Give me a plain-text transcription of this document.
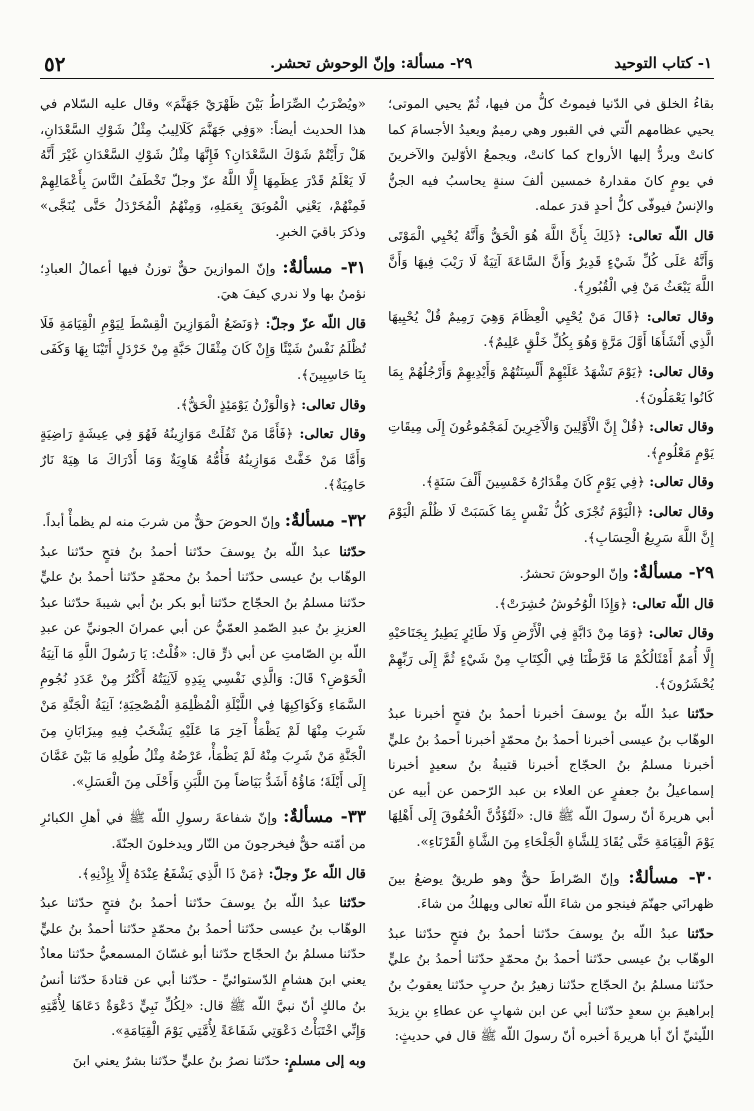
٥٢	٢٩- مسألة: وإنّ الوحوش تحشر.	١- كتاب التوحيد

بقاءُ الخلق في الدّنيا فيموتُ كلُّ من فيها، ثُمّ يحيي الموتى؛ يحيي عظامهم الّتي في القبور وهي رميمٌ ويعيدُ الأجسامَ كما كانتْ ويردُّ إليها الأرواح كما كانتْ، ويجمعُ الأوّلينَ والآخرينَ في يومٍ كانَ مقدارهُ خمسين ألفَ سنةٍ يحاسبُ فيه الجنُّ والإنسُ فيوفّى كلُّ أحدٍ قدرَ عمله.

قال اللّه تعالى: ﴿ذَلِكَ بِأَنَّ اللَّهَ هُوَ الْحَقُّ وَأَنَّهُ يُحْيِي الْمَوْتَى وَأَنَّهُ عَلَى كُلِّ شَيْءٍ قَدِيرٌ وَأَنَّ السَّاعَةَ آتِيَةٌ لَا رَيْبَ فِيهَا وَأَنَّ اللَّهَ يَبْعَثُ مَنْ فِي الْقُبُورِ﴾.

وقال تعالى: ﴿قَالَ مَنْ يُحْيِي الْعِظَامَ وَهِيَ رَمِيمٌ قُلْ يُحْيِيهَا الَّذِي أَنْشَأَهَا أَوَّلَ مَرَّةٍ وَهُوَ بِكُلِّ خَلْقٍ عَلِيمٌ﴾.

وقال تعالى: ﴿يَوْمَ تَشْهَدُ عَلَيْهِمْ أَلْسِنَتُهُمْ وَأَيْدِيهِمْ وَأَرْجُلُهُمْ بِمَا كَانُوا يَعْمَلُونَ﴾.

وقال تعالى: ﴿قُلْ إِنَّ الْأَوَّلِينَ وَالْآخِرِينَ لَمَجْمُوعُونَ إِلَى مِيقَاتِ يَوْمٍ مَعْلُومٍ﴾.

وقال تعالى: ﴿فِي يَوْمٍ كَانَ مِقْدَارُهُ خَمْسِينَ أَلْفَ سَنَةٍ﴾.

وقال تعالى: ﴿الْيَوْمَ تُجْزَى كُلُّ نَفْسٍ بِمَا كَسَبَتْ لَا ظُلْمَ الْيَوْمَ إِنَّ اللَّهَ سَرِيعُ الْحِسَابِ﴾.

٢٩- مسألةٌ: وإنّ الوحوشَ تحشرُ.

قال اللّه تعالى: ﴿وَإِذَا الْوُحُوشُ حُشِرَتْ﴾.

وقال تعالى: ﴿وَمَا مِنْ دَابَّةٍ فِي الْأَرْضِ وَلَا طَائِرٍ يَطِيرُ بِجَنَاحَيْهِ إِلَّا أُمَمٌ أَمْثَالُكُمْ مَا فَرَّطْنَا فِي الْكِتَابِ مِنْ شَيْءٍ ثُمَّ إِلَى رَبِّهِمْ يُحْشَرُونَ﴾.

حدّثنا عبدُ اللّه بنُ يوسفَ أخبرنا أحمدُ بنُ فتحٍ أخبرنا عبدُ الوهّاب بنُ عيسى أخبرنا أحمدُ بنُ محمّدٍ أخبرنا أحمدُ بنُ عليٍّ أخبرنا مسلمُ بنُ الحجّاج أخبرنا قتيبةُ بنُ سعيدٍ أخبرنا إسماعيلُ بنُ جعفرٍ عن العلاء بن عبد الرّحمن عن أبيه عن أبي هريرةَ أنّ رسولَ اللّه ﷺ قال: «لَتُؤَدُّنَّ الْحُقُوقَ إِلَى أَهْلِهَا يَوْمَ الْقِيَامَةِ حَتَّى يُقَادَ لِلشَّاةِ الْجَلْحَاءِ مِنَ الشَّاةِ الْقَرْنَاءِ».

٣٠- مسألةٌ: وإنّ الصّراطَ حقٌّ وهو طريقٌ يوضعُ بينَ ظهرانَي جهنّمَ فينجو من شاءَ اللّه تعالى ويهلكُ من شاءَ.

حدّثنا عبدُ اللّه بنُ يوسفَ حدّثنا أحمدُ بنُ فتحٍ حدّثنا عبدُ الوهّاب بنُ عيسى حدّثنا أحمدُ بنُ محمّدٍ حدّثنا أحمدُ بنُ عليٍّ حدّثنا مسلمُ بنُ الحجّاج حدّثنا زهيرُ بنُ حربٍ حدّثنا يعقوبُ بنُ إبراهيمَ بنِ سعدٍ حدّثنا أبي عن ابن شهابٍ عن عطاءِ بنِ يزيدَ اللّيثيِّ أنّ أبا هريرةَ أخبره أنّ رسولَ اللّه ﷺ قال في حديثٍ:

«ويُضْرَبُ الصِّرَاطُ بَيْنَ ظَهْرَيْ جَهَنَّمَ» وقال عليه السّلام في هذا الحديث أيضاً: «وَفِي جَهَنَّمَ كَلَالِيبُ مِثْلُ شَوْكِ السَّعْدَانِ، هَلْ رَأَيْتُمْ شَوْكَ السَّعْدَانِ؟ فَإِنَّهَا مِثْلُ شَوْكِ السَّعْدَانِ غَيْرَ أَنَّهُ لَا يَعْلَمُ قَدْرَ عِظَمِهَا إِلَّا اللَّهُ عزّ وجلّ تَخْطَفُ النَّاسَ بِأَعْمَالِهِمْ فَمِنْهُمْ، يَعْنِي الْمُوبَقَ بِعَمَلِهِ، وَمِنْهُمُ الْمُخَرْدَلُ حَتَّى يُنَجَّى» وذكرَ باقيَ الخبرِ.

٣١- مسألةٌ: وإنّ الموازينَ حقٌّ توزنُ فيها أعمالُ العبادِ؛ نؤمنُ بها ولا ندري كيفَ هيَ.

قال اللّه عزّ وجلّ: ﴿وَنَضَعُ الْمَوَازِينَ الْقِسْطَ لِيَوْمِ الْقِيَامَةِ فَلَا تُظْلَمُ نَفْسٌ شَيْئًا وَإِنْ كَانَ مِثْقَالَ حَبَّةٍ مِنْ خَرْدَلٍ أَتَيْنَا بِهَا وَكَفَى بِنَا حَاسِبِينَ﴾.

وقال تعالى: ﴿وَالْوَزْنُ يَوْمَئِذٍ الْحَقُّ﴾.

وقال تعالى: ﴿فَأَمَّا مَنْ ثَقُلَتْ مَوَازِينُهُ فَهُوَ فِي عِيشَةٍ رَاضِيَةٍ وَأَمَّا مَنْ خَفَّتْ مَوَازِينُهُ فَأُمُّهُ هَاوِيَةٌ وَمَا أَدْرَاكَ مَا هِيَهْ نَارٌ حَامِيَةٌ﴾.

٣٢- مسألةٌ: وإنّ الحوضَ حقٌّ من شربَ منه لم يظمأْ أبداً.

حدّثنا عبدُ اللّه بنُ يوسفَ حدّثنا أحمدُ بنُ فتحٍ حدّثنا عبدُ الوهّاب بنُ عيسى حدّثنا أحمدُ بنُ محمّدٍ حدّثنا أحمدُ بنُ عليٍّ حدّثنا مسلمُ بنُ الحجّاج حدّثنا أبو بكر بنُ أبي شيبةَ حدّثنا عبدُ العزيزِ بنُ عبدِ الصّمدِ العمّيُّ عن أبي عمرانَ الجونيِّ عن عبدِ اللّه بنِ الصّامتِ عن أبي ذرٍّ قال: «قُلْتُ: يَا رَسُولَ اللَّهِ مَا آنِيَةُ الْحَوْضِ؟ قَالَ: وَالَّذِي نَفْسِي بِيَدِهِ لَآنِيَتُهُ أَكْثَرُ مِنْ عَدَدِ نُجُومِ السَّمَاءِ وَكَوَاكِبِهَا فِي اللَّيْلَةِ الْمُظْلِمَةِ الْمُصْحِيَةِ؛ آنِيَةُ الْجَنَّةِ مَنْ شَرِبَ مِنْهَا لَمْ يَظْمَأْ آخِرَ مَا عَلَيْهِ يَشْخَبُ فِيهِ مِيزَابَانِ مِنَ الْجَنَّةِ مَنْ شَرِبَ مِنْهُ لَمْ يَظْمَأْ، عَرْضُهُ مِثْلُ طُولِهِ مَا بَيْنَ عَمَّانَ إِلَى أَيْلَةَ؛ مَاؤُهُ أَشَدُّ بَيَاضاً مِنَ اللَّبَنِ وَأَحْلَى مِنَ الْعَسَلِ».

٣٣- مسألةٌ: وإنّ شفاعةَ رسولِ اللّه ﷺ في أهلِ الكبائرِ من أمّته حقٌّ فيخرجونَ من النّار ويدخلونَ الجنّةَ.

قال اللّه عزّ وجلّ: ﴿مَنْ ذَا الَّذِي يَشْفَعُ عِنْدَهُ إِلَّا بِإِذْنِهِ﴾.

حدّثنا عبدُ اللّه بنُ يوسفَ حدّثنا أحمدُ بنُ فتحٍ حدّثنا عبدُ الوهّاب بنُ عيسى حدّثنا أحمدُ بنُ محمّدٍ حدّثنا أحمدُ بنُ عليٍّ حدّثنا مسلمُ بنُ الحجّاج حدّثنا أبو غسّانَ المسمعيُّ حدّثنا معاذٌ يعني ابنَ هشامٍ الدّستوائيِّ - حدّثنا أبي عن قتادةَ حدّثنا أنسُ بنُ مالكٍ أنّ نبيَّ اللّه ﷺ قال: «لِكُلِّ نَبِيٍّ دَعْوَةٌ دَعَاهَا لِأُمَّتِهِ وَإِنِّي اخْتَبَأْتُ دَعْوَتِي شَفَاعَةً لِأُمَّتِي يَوْمَ الْقِيَامَةِ».

وبه إلى مسلمٍ: حدّثنا نصرُ بنُ عليٍّ حدّثنا بشرٌ يعني ابنَ
